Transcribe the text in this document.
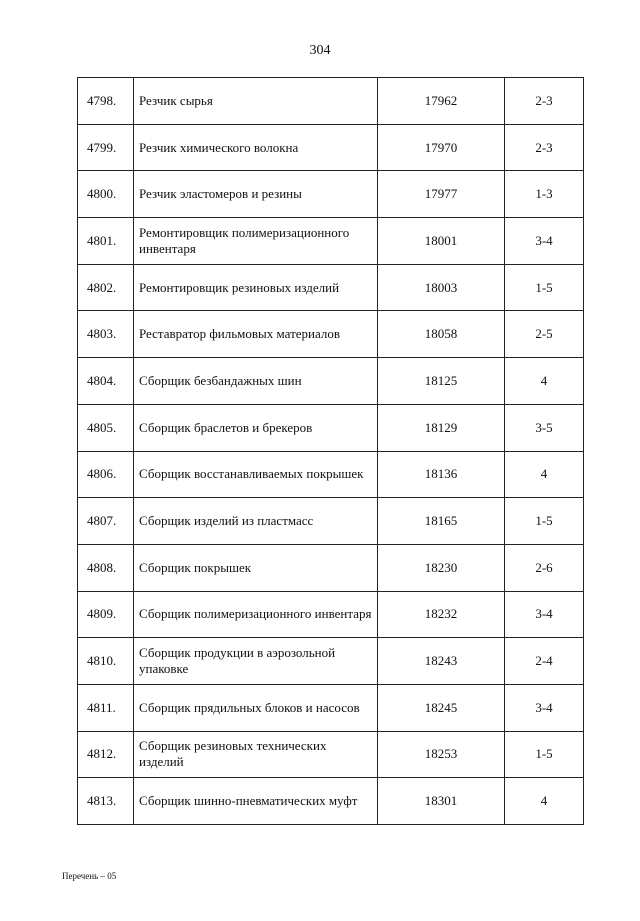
304
4798.	Резчик сырья	17962	2-3
4799.	Резчик химического волокна	17970	2-3
4800.	Резчик эластомеров и резины	17977	1-3
4801.	Ремонтировщик полимеризационного инвентаря	18001	3-4
4802.	Ремонтировщик резиновых изделий	18003	1-5
4803.	Реставратор фильмовых материалов	18058	2-5
4804.	Сборщик безбандажных шин	18125	4
4805.	Сборщик браслетов и брекеров	18129	3-5
4806.	Сборщик восстанавливаемых покрышек	18136	4
4807.	Сборщик изделий из пластмасс	18165	1-5
4808.	Сборщик покрышек	18230	2-6
4809.	Сборщик полимеризационного инвентаря	18232	3-4
4810.	Сборщик продукции в аэрозольной упаковке	18243	2-4
4811.	Сборщик прядильных блоков и насосов	18245	3-4
4812.	Сборщик резиновых технических изделий	18253	1-5
4813.	Сборщик шинно-пневматических муфт	18301	4
Перечень – 05
